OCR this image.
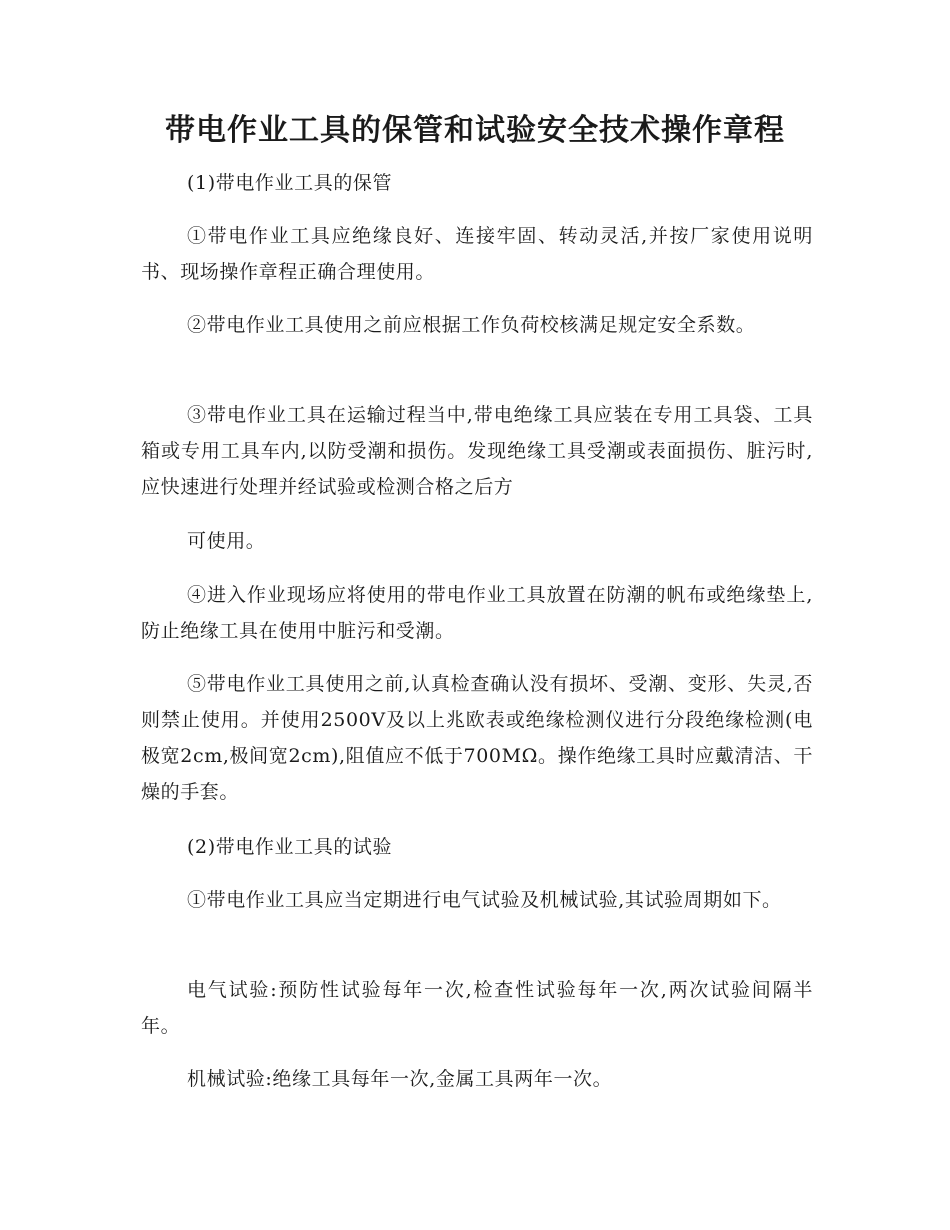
带电作业工具的保管和试验安全技术操作章程

(1)带电作业工具的保管

①带电作业工具应绝缘良好、连接牢固、转动灵活,并按厂家使用说明书、现场操作章程正确合理使用。

②带电作业工具使用之前应根据工作负荷校核满足规定安全系数。

③带电作业工具在运输过程当中,带电绝缘工具应装在专用工具袋、工具箱或专用工具车内,以防受潮和损伤。发现绝缘工具受潮或表面损伤、脏污时,应快速进行处理并经试验或检测合格之后方

可使用。

④进入作业现场应将使用的带电作业工具放置在防潮的帆布或绝缘垫上,防止绝缘工具在使用中脏污和受潮。

⑤带电作业工具使用之前,认真检查确认没有损坏、受潮、变形、失灵,否则禁止使用。并使用2500V及以上兆欧表或绝缘检测仪进行分段绝缘检测(电极宽2cm,极间宽2cm),阻值应不低于700MΩ。操作绝缘工具时应戴清洁、干燥的手套。

(2)带电作业工具的试验

①带电作业工具应当定期进行电气试验及机械试验,其试验周期如下。

电气试验:预防性试验每年一次,检查性试验每年一次,两次试验间隔半年。

机械试验:绝缘工具每年一次,金属工具两年一次。
